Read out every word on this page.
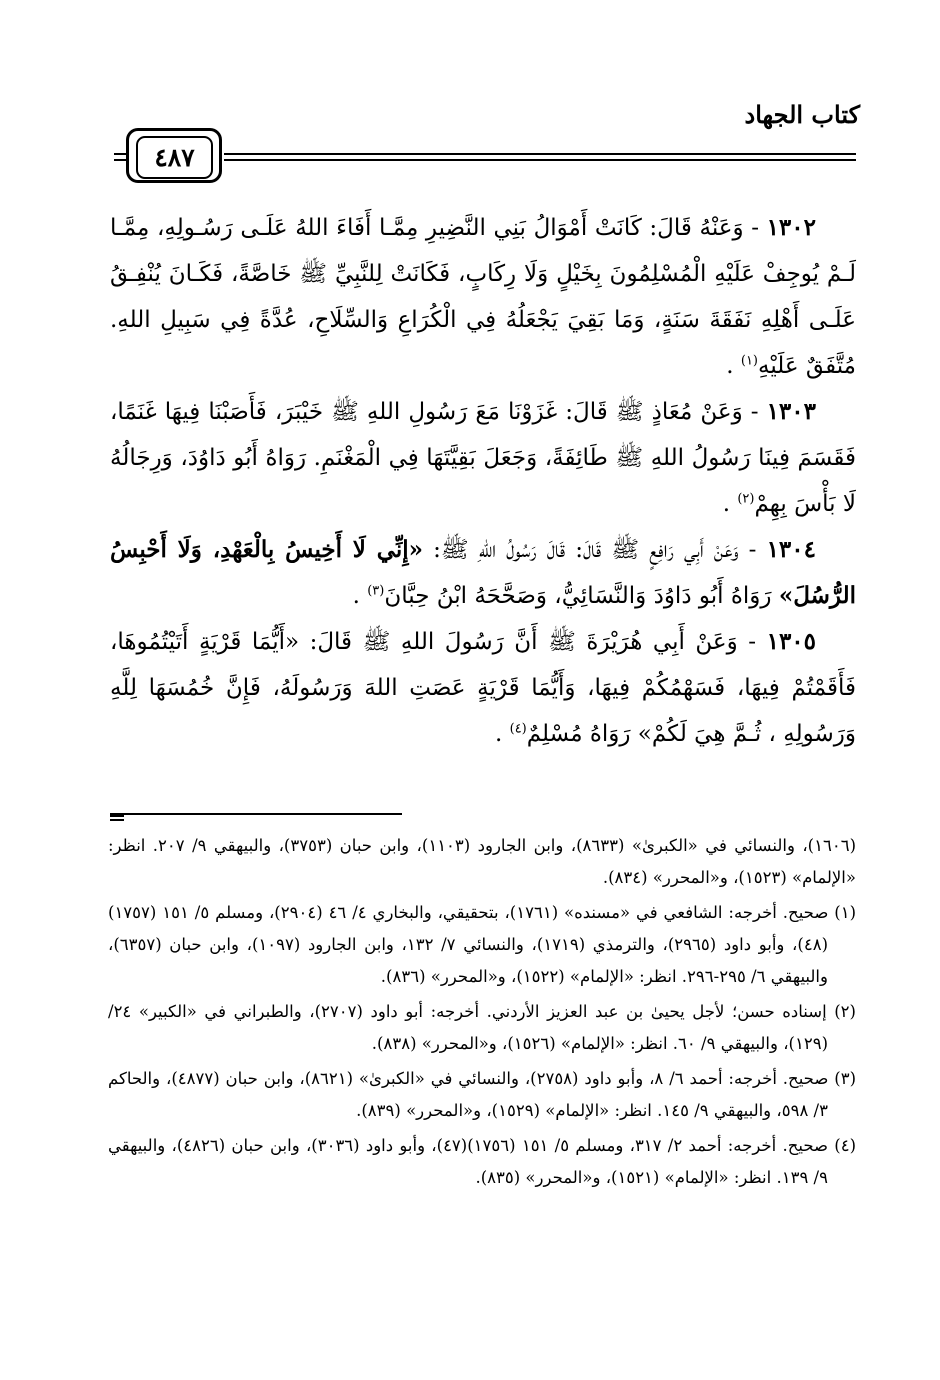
كتاب الجهاد
٤٨٧

١٣٠٢ - وَعَنْهُ قَالَ: كَانَتْ أَمْوَالُ بَنِي النَّضِيرِ مِمَّـا أَفَاءَ اللهُ عَلَـى رَسُـولِهِ، مِمَّـا لَـمْ يُوجِفْ عَلَيْهِ الْمُسْلِمُونَ بِخَيْلٍ وَلَا رِكَابٍ، فَكَانَتْ لِلنَّبِيِّ ﷺ خَاصَّةً، فَكَـانَ يُنْفِـقُ عَلَـى أَهْلِهِ نَفَقَةَ سَنَةٍ، وَمَا بَقِيَ يَجْعَلُهُ فِي الْكُرَاعِ وَالسِّلَاحِ، عُدَّةً فِي سَبِيلِ اللهِ. مُتَّفَقٌ عَلَيْهِ$^{(١)}$ .

١٣٠٣ - وَعَنْ مُعَاذٍ ﷺ قَالَ: غَزَوْنَا مَعَ رَسُولِ اللهِ ﷺ خَيْبَرَ، فَأَصَبْنَا فِيهَا غَنَمًا، فَقَسَمَ فِينَا رَسُولُ اللهِ ﷺ طَائِفَةً، وَجَعَلَ بَقِيَّتَهَا فِي الْمَغْنَمِ. رَوَاهُ أَبُو دَاوُدَ، وَرِجَالُهُ لَا بَأْسَ بِهِمْ$^{(٢)}$ .

١٣٠٤ - وَعَنْ أَبِي رَافِعٍ ﷺ قَالَ: قَالَ رَسُولُ اللهِ ﷺ: «إِنِّي لَا أَخِيسُ بِالْعَهْدِ، وَلَا أَحْبِسُ الرُّسُلَ» رَوَاهُ أَبُو دَاوُدَ وَالنَّسَائِيُّ، وَصَحَّحَهُ ابْنُ حِبَّانَ$^{(٣)}$ .

١٣٠٥ - وَعَنْ أَبِي هُرَيْرَةَ ﷺ أَنَّ رَسُولَ اللهِ ﷺ قَالَ: «أَيُّمَا قَرْيَةٍ أَتَيْتُمُوهَا، فَأَقَمْتُمْ فِيهَا، فَسَهْمُكُمْ فِيهَا، وَأَيُّمَا قَرْيَةٍ عَصَتِ اللهَ وَرَسُولَهُ، فَإِنَّ خُمُسَهَا لِلَّهِ وَرَسُولِهِ ، ثُـمَّ هِيَ لَكُمْ» رَوَاهُ مُسْلِمٌ$^{(٤)}$ .

(١٦٠٦)، والنسائي في «الكبرىٰ» (٨٦٣٣)، وابن الجارود (١١٠٣)، وابن حبان (٣٧٥٣)، والبيهقي ٩/ ٢٠٧. انظر: «الإلمام» (١٥٢٣)، و«المحرر» (٨٣٤).

(١) صحيح. أخرجه: الشافعي في «مسنده» (١٧٦١)، بتحقيقي، والبخاري ٤/ ٤٦ (٢٩٠٤)، ومسلم ٥/ ١٥١ (١٧٥٧)(٤٨)، وأبو داود (٢٩٦٥)، والترمذي (١٧١٩)، والنسائي ٧/ ١٣٢، وابن الجارود (١٠٩٧)، وابن حبان (٦٣٥٧)، والبيهقي ٦/ ٢٩٥-٢٩٦. انظر: «الإلمام» (١٥٢٢)، و«المحرر» (٨٣٦).

(٢) إسناده حسن؛ لأجل يحيىٰ بن عبد العزيز الأردني. أخرجه: أبو داود (٢٧٠٧)، والطبراني في «الكبير» ٢٤/ (١٢٩)، والبيهقي ٩/ ٦٠. انظر: «الإلمام» (١٥٢٦)، و«المحرر» (٨٣٨).

(٣) صحيح. أخرجه: أحمد ٦/ ٨، وأبو داود (٢٧٥٨)، والنسائي في «الكبرىٰ» (٨٦٢١)، وابن حبان (٤٨٧٧)، والحاكم ٣/ ٥٩٨، والبيهقي ٩/ ١٤٥. انظر: «الإلمام» (١٥٢٩)، و«المحرر» (٨٣٩).

(٤) صحيح. أخرجه: أحمد ٢/ ٣١٧، ومسلم ٥/ ١٥١ (١٧٥٦)(٤٧)، وأبو داود (٣٠٣٦)، وابن حبان (٤٨٢٦)، والبيهقي ٩/ ١٣٩. انظر: «الإلمام» (١٥٢١)، و«المحرر» (٨٣٥).
